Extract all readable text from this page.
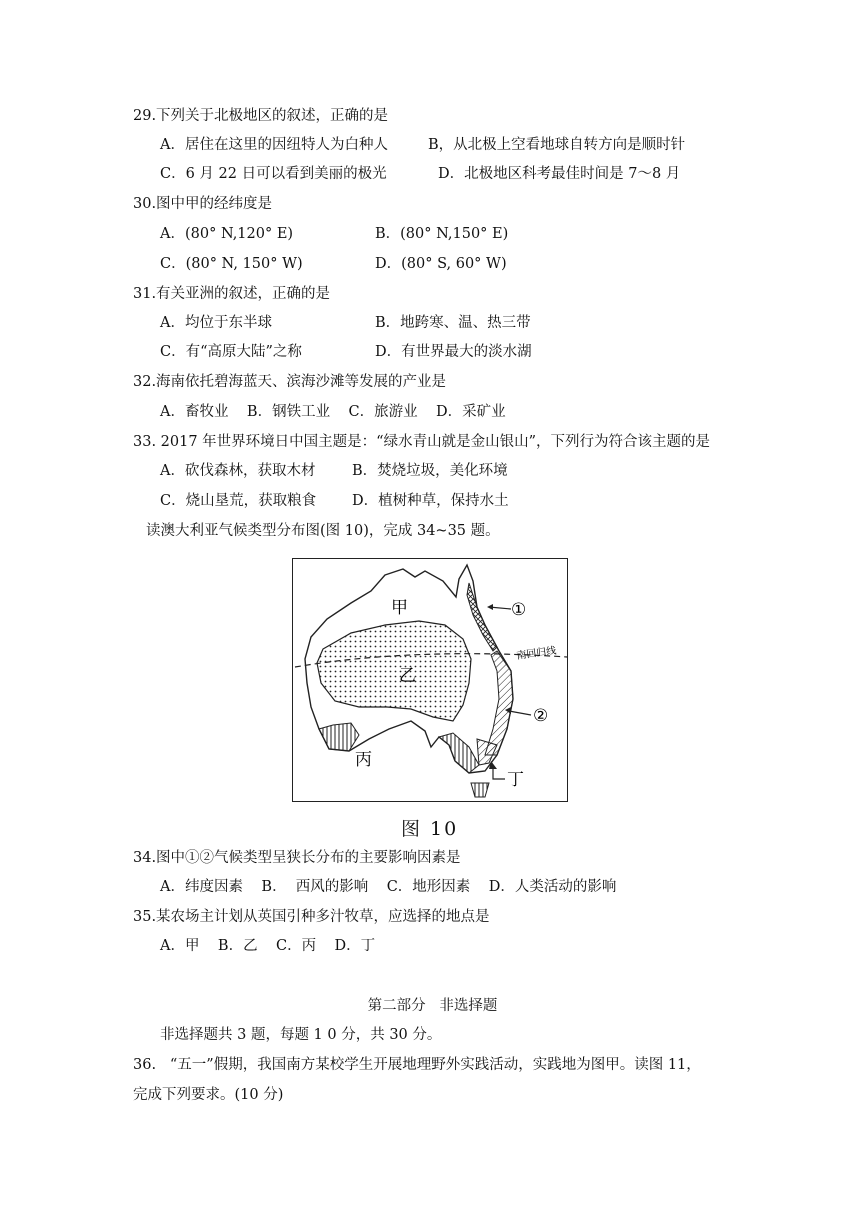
29.下列关于北极地区的叙述，正确的是
A．居住在这里的因纽特人为白种人	B，从北极上空看地球自转方向是顺时针
C．6 月 22 日可以看到美丽的极光	D．北极地区科考最佳时间是 7～8 月
30.图中甲的经纬度是
A．(80° N,120° E)	B．(80° N,150° E)
C．(80° N, 150° W)	D．(80° S, 60° W)
31.有关亚洲的叙述，正确的是
A．均位于东半球	B．地跨寒、温、热三带
C．有“高原大陆”之称	D．有世界最大的淡水湖
32.海南依托碧海蓝天、滨海沙滩等发展的产业是
A．畜牧业    B．钢铁工业    C．旅游业    D．采矿业
33. 2017 年世界环境日中国主题是：“绿水青山就是金山银山”，下列行为符合该主题的是
A．砍伐森林，获取木材	B．焚烧垃圾，美化环境
C．烧山垦荒，获取粮食 D．植树种草，保持水土
读澳大利亚气候类型分布图(图 10)，完成 34~35 题。
甲
乙
丙
丁
①
②
南回归线
图 10
34.图中①②气候类型呈狭长分布的主要影响因素是
A．纬度因素    B．  西风的影响    C．地形因素    D．人类活动的影响
35.某农场主计划从英国引种多汁牧草，应选择的地点是
A．甲    B．乙    C．丙    D．丁
第二部分   非选择题
非选择题共 3 题，每题 1 0 分，共 30 分。
36.   “五一”假期，我国南方某校学生开展地理野外实践活动，实践地为图甲。读图 11，
完成下列要求。(10 分)
